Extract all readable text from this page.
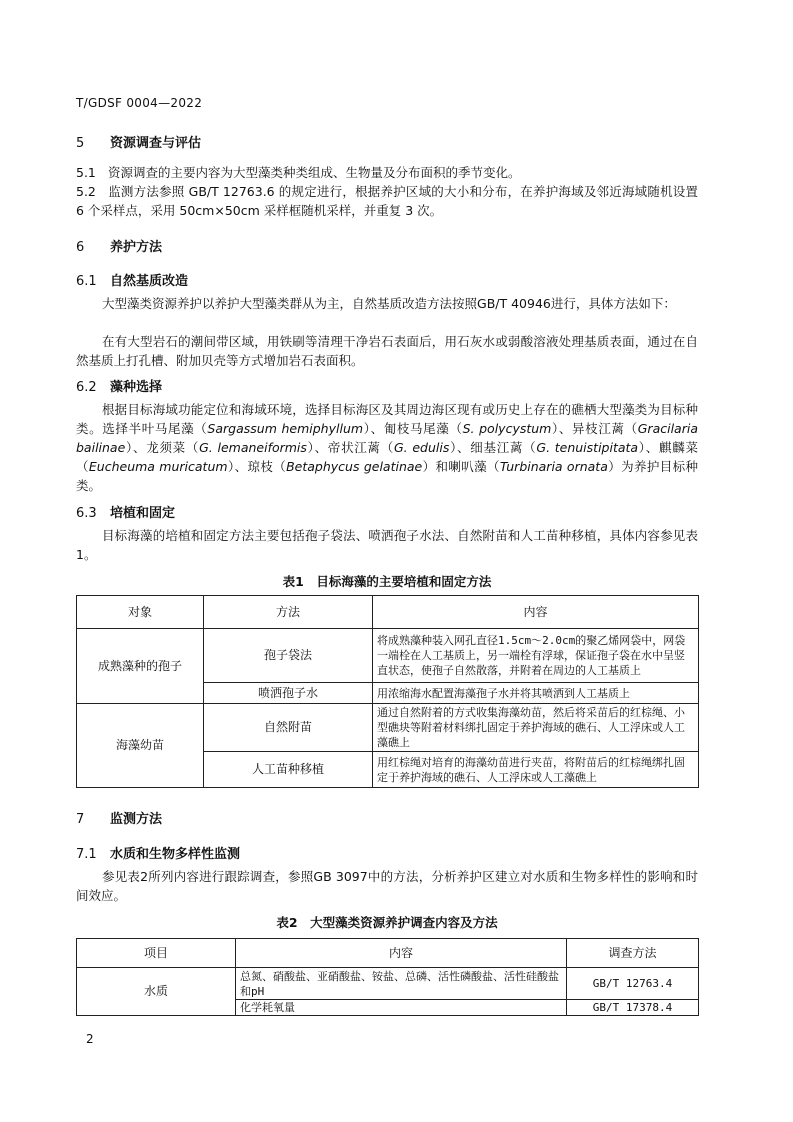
T/GDSF 0004—2022
5 资源调查与评估
5.1 资源调查的主要内容为大型藻类种类组成、生物量及分布面积的季节变化。
5.2 监测方法参照 GB/T 12763.6 的规定进行，根据养护区域的大小和分布，在养护海域及邻近海域随机设置 6 个采样点，采用 50cm×50cm 采样框随机采样，并重复 3 次。
6 养护方法
6.1 自然基质改造
大型藻类资源养护以养护大型藻类群从为主，自然基质改造方法按照GB/T 40946进行，具体方法如下：
在有大型岩石的潮间带区域，用铁刷等清理干净岩石表面后，用石灰水或弱酸溶液处理基质表面，通过在自然基质上打孔槽、附加贝壳等方式增加岩石表面积。
6.2 藻种选择
根据目标海域功能定位和海域环境，选择目标海区及其周边海区现有或历史上存在的礁栖大型藻类为目标种类。选择半叶马尾藻（Sargassum hemiphyllum）、匍枝马尾藻（S. polycystum）、异枝江蓠（Gracilaria bailinae）、龙须菜（G. lemaneiformis）、帝状江蓠（G. edulis）、细基江蓠（G. tenuistipitata）、麒麟菜（Eucheuma muricatum）、琼枝（Betaphycus gelatinae）和喇叭藻（Turbinaria ornata）为养护目标种类。
6.3 培植和固定
目标海藻的培植和固定方法主要包括孢子袋法、喷洒孢子水法、自然附苗和人工苗种移植，具体内容参见表1。
表1　目标海藻的主要培植和固定方法
对象	方法	内容
成熟藻种的孢子	孢子袋法	将成熟藻种装入网孔直径1.5cm～2.0cm的聚乙烯网袋中，网袋一端栓在人工基质上，另一端栓有浮球，保证孢子袋在水中呈竖直状态，使孢子自然散落，并附着在周边的人工基质上
	喷洒孢子水	用浓缩海水配置海藻孢子水并将其喷洒到人工基质上
海藻幼苗	自然附苗	通过自然附着的方式收集海藻幼苗，然后将采苗后的红棕绳、小型礁块等附着材料绑扎固定于养护海域的礁石、人工浮床或人工藻礁上
	人工苗种移植	用红棕绳对培育的海藻幼苗进行夹苗，将附苗后的红棕绳绑扎固定于养护海域的礁石、人工浮床或人工藻礁上
7 监测方法
7.1 水质和生物多样性监测
参见表2所列内容进行跟踪调查，参照GB 3097中的方法，分析养护区建立对水质和生物多样性的影响和时间效应。
表2　大型藻类资源养护调查内容及方法
项目	内容	调查方法
水质	总氮、硝酸盐、亚硝酸盐、铵盐、总磷、活性磷酸盐、活性硅酸盐和pH	GB/T 12763.4
	化学耗氧量	GB/T 17378.4
2
